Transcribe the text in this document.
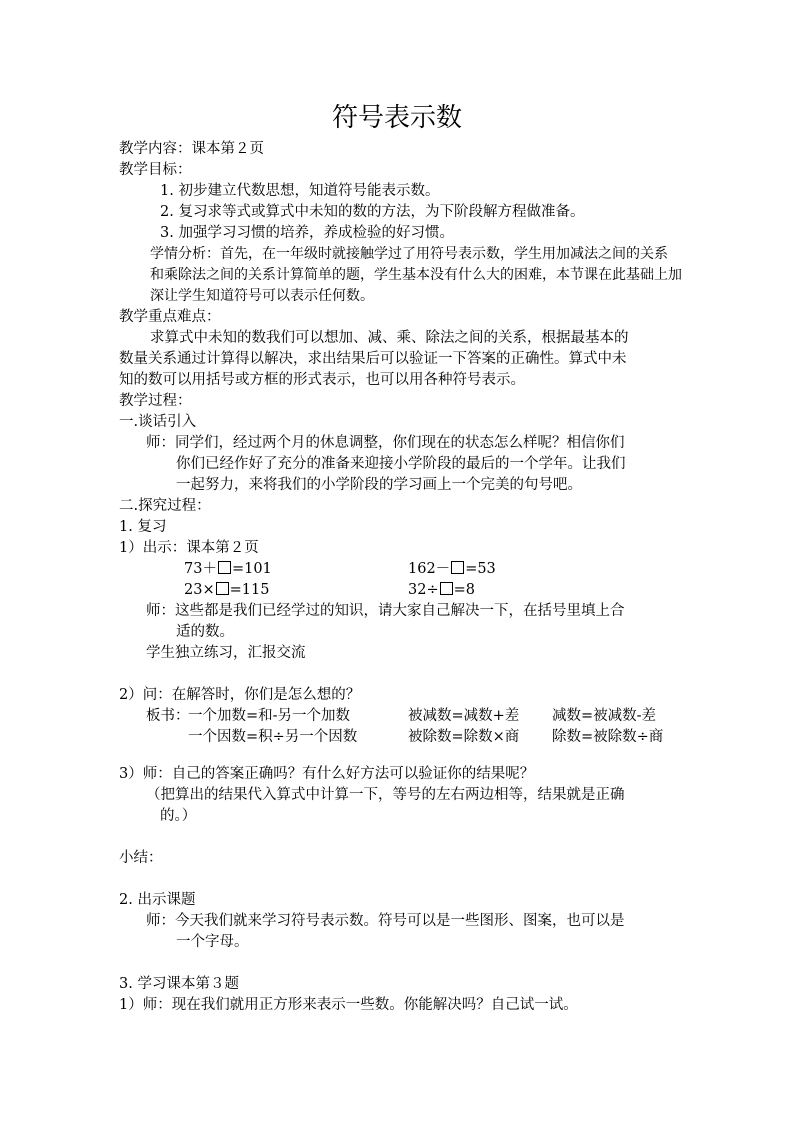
符号表示数
教学内容：课本第２页
教学目标：
1. 初步建立代数思想，知道符号能表示数。
2. 复习求等式或算式中未知的数的方法，为下阶段解方程做准备。
3. 加强学习习惯的培养，养成检验的好习惯。
学情分析：首先，在一年级时就接触学过了用符号表示数，学生用加减法之间的关系
和乘除法之间的关系计算简单的题，学生基本没有什么大的困难，本节课在此基础上加
深让学生知道符号可以表示任何数。
教学重点难点：
求算式中未知的数我们可以想加、减、乘、除法之间的关系，根据最基本的
数量关系通过计算得以解决，求出结果后可以验证一下答案的正确性。算式中未
知的数可以用括号或方框的形式表示，也可以用各种符号表示。
教学过程：
一.谈话引入
师：同学们，经过两个月的休息调整，你们现在的状态怎么样呢？相信你们
你们已经作好了充分的准备来迎接小学阶段的最后的一个学年。让我们
一起努力，来将我们的小学阶段的学习画上一个完美的句号吧。
二.探究过程：
1. 复习
1）出示：课本第２页
73＋ =101	162－ =53
23× =115	32÷ =8
师：这些都是我们已经学过的知识，请大家自己解决一下，在括号里填上合
适的数。
学生独立练习，汇报交流
2）问：在解答时，你们是怎么想的？
板书：
一个加数=和-另一个加数	被减数=减数+差 减数=被减数-差
一个因数=积÷另一个因数	被除数=除数×商 除数=被除数÷商
3）师：自己的答案正确吗？有什么好方法可以验证你的结果呢？
（把算出的结果代入算式中计算一下，等号的左右两边相等，结果就是正确
的。）
小结：
2. 出示课题
师：今天我们就来学习符号表示数。符号可以是一些图形、图案，也可以是
一个字母。
3. 学习课本第３题
1）师：现在我们就用正方形来表示一些数。你能解决吗？自己试一试。
